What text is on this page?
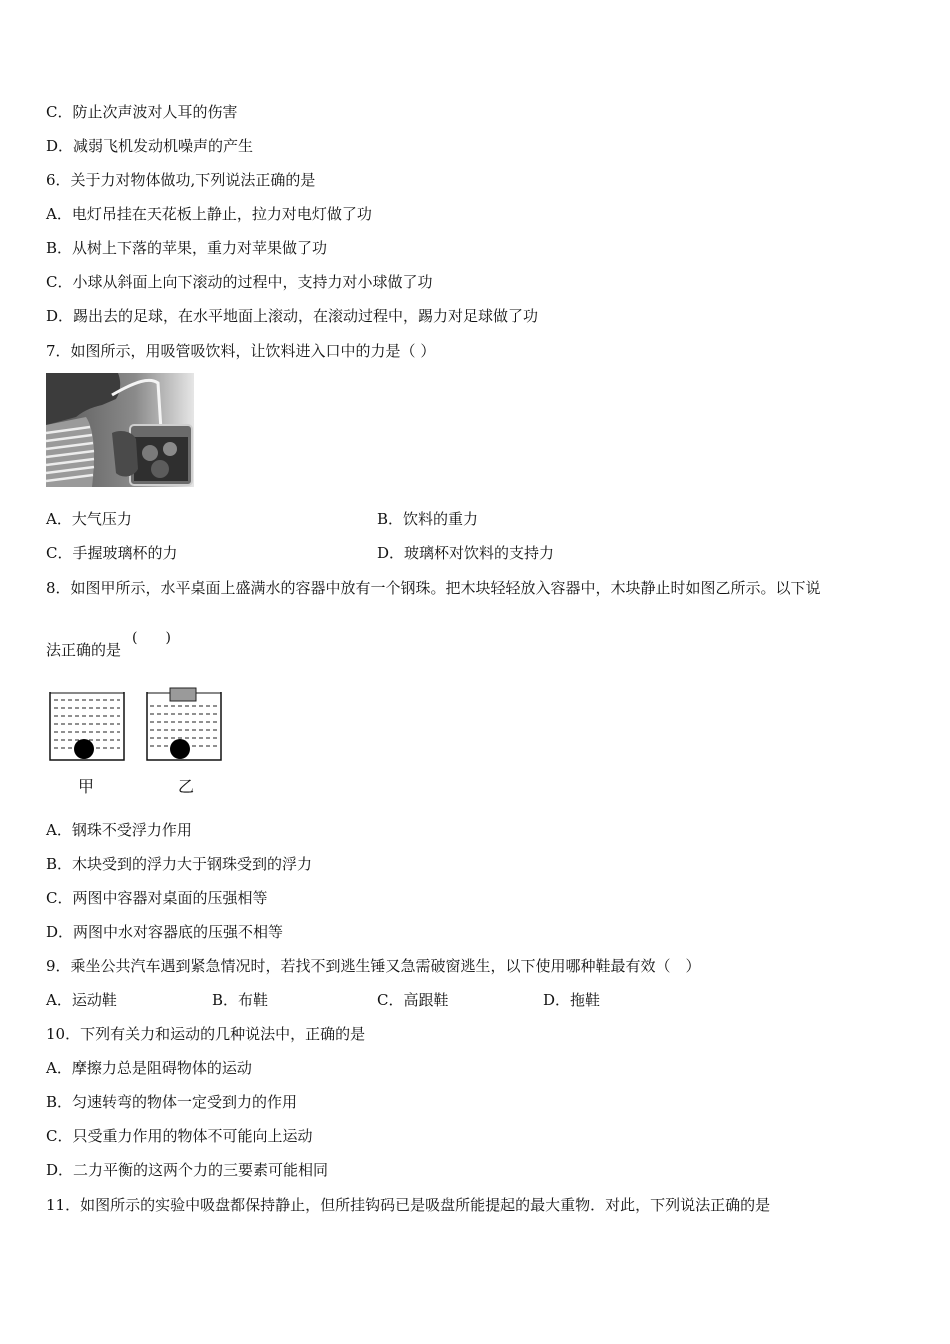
C．防止次声波对人耳的伤害
D．减弱飞机发动机噪声的产生
6．关于力对物体做功,下列说法正确的是
A．电灯吊挂在天花板上静止，拉力对电灯做了功
B．从树上下落的苹果，重力对苹果做了功
C．小球从斜面上向下滚动的过程中，支持力对小球做了功
D．踢出去的足球，在水平地面上滚动，在滚动过程中，踢力对足球做了功
7．如图所示，用吸管吸饮料，让饮料进入口中的力是（ ）
A．大气压力	B．饮料的重力
C．手握玻璃杯的力	D．玻璃杯对饮料的支持力
8．如图甲所示，水平桌面上盛满水的容器中放有一个钢珠。把木块轻轻放入容器中，木块静止时如图乙所示。以下说
法正确的是
(　　)
甲	乙
A．钢珠不受浮力作用
B．木块受到的浮力大于钢珠受到的浮力
C．两图中容器对桌面的压强相等
D．两图中水对容器底的压强不相等
9．乘坐公共汽车遇到紧急情况时，若找不到逃生锤又急需破窗逃生，以下使用哪种鞋最有效（　）
A．运动鞋	B．布鞋	C．高跟鞋	D．拖鞋
10．下列有关力和运动的几种说法中，正确的是
A．摩擦力总是阻碍物体的运动
B．匀速转弯的物体一定受到力的作用
C．只受重力作用的物体不可能向上运动
D．二力平衡的这两个力的三要素可能相同
11．如图所示的实验中吸盘都保持静止，但所挂钩码已是吸盘所能提起的最大重物．对此，下列说法正确的是
